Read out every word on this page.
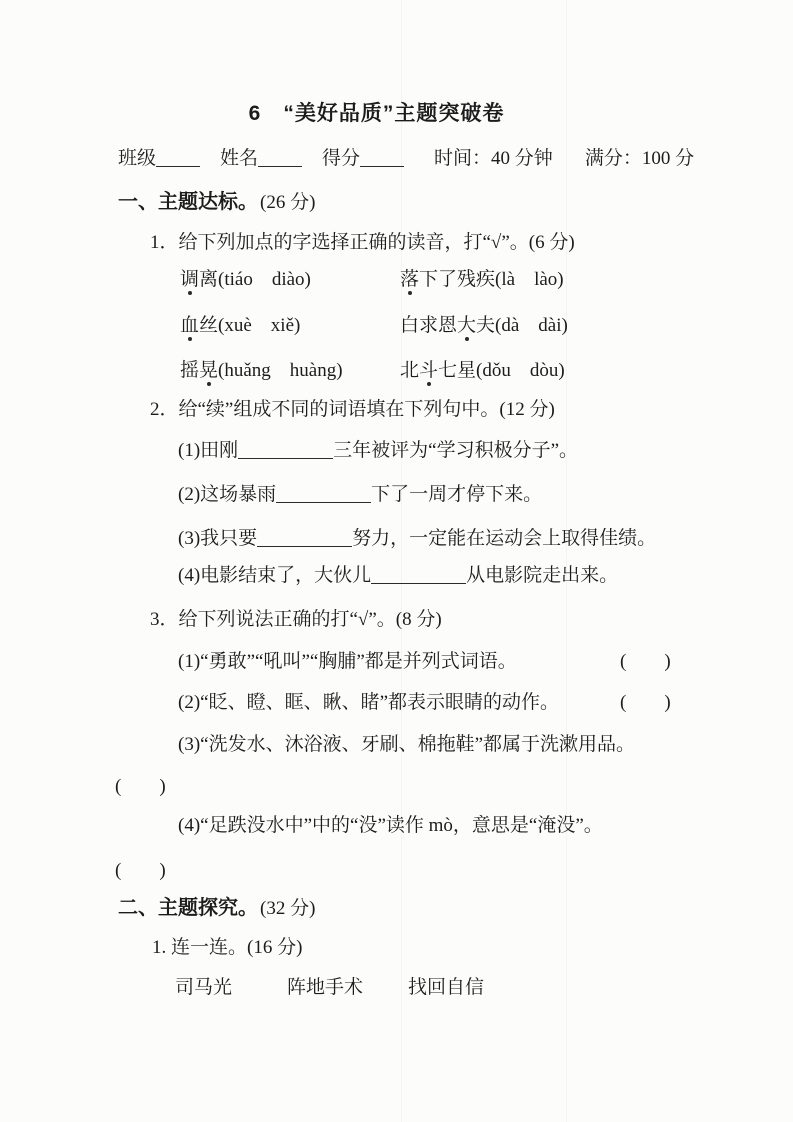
6　“美好品质”主题突破卷
班级	姓名	得分	时间：40 分钟 满分：100 分
一、主题达标。 (26 分)
1．给下列加点的字选择正确的读音，打“√”。(6 分)
调离(tiáo　diào)	落下了残疾(là　lào)
血丝(xuè　xiě)	白求恩大夫(dà　dài)
摇晃(huǎng　huàng)	北斗七星(dǒu　dòu)
2．给“续”组成不同的词语填在下列句中。(12 分)
(1)田刚	三年被评为“学习积极分子”。
(2)这场暴雨	下了一周才停下来。
(3)我只要	努力，一定能在运动会上取得佳绩。
(4)电影结束了，大伙儿	从电影院走出来。
3．给下列说法正确的打“√”。(8 分)
(1)“勇敢”“吼叫”“胸脯”都是并列式词语。	(　　)
(2)“眨、瞪、眶、瞅、睹”都表示眼睛的动作。	(　　)
(3)“洗发水、沐浴液、牙刷、棉拖鞋”都属于洗漱用品。
(　　)
(4)“足跌没水中”中的“没”读作 mò，意思是“淹没”。
(　　)
二、主题探究。 (32 分)
1. 连一连。(16 分)
司马光	阵地手术 找回自信
